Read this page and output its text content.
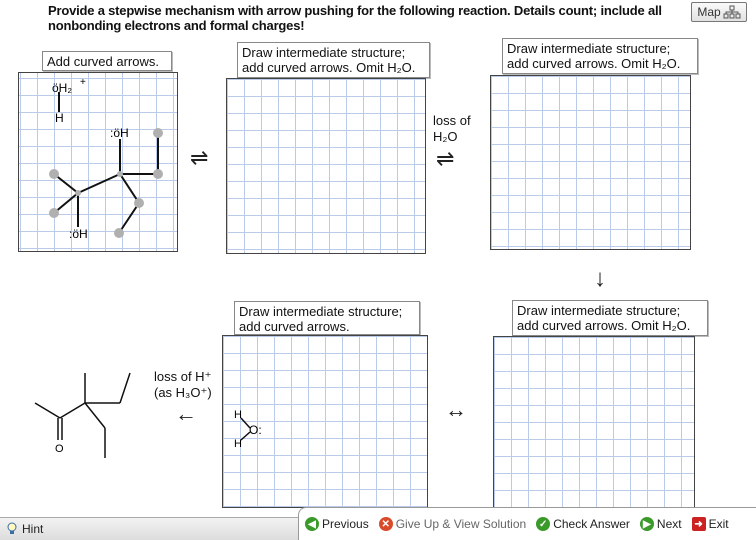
Provide a stepwise mechanism with arrow pushing for the following reaction. Details count; include all
nonbonding electrons and formal charges!
Map
Add curved arrows.
Draw intermediate structure;
add curved arrows. Omit H₂O.
Draw intermediate structure;
add curved arrows. Omit H₂O.
Draw intermediate structure;
add curved arrows. Omit H₂O.
Draw intermediate structure;
add curved arrows.
⇌
loss of
H₂O
⇌
↓
↔
loss of H⁺
(as H₃O⁺)
←
öH₂ +
H
:öH
:öH
H
H
O:
O
Hint	◀ Previous ✕ Give Up & View Solution ✓ Check Answer	▶ Next ➜ Exit
